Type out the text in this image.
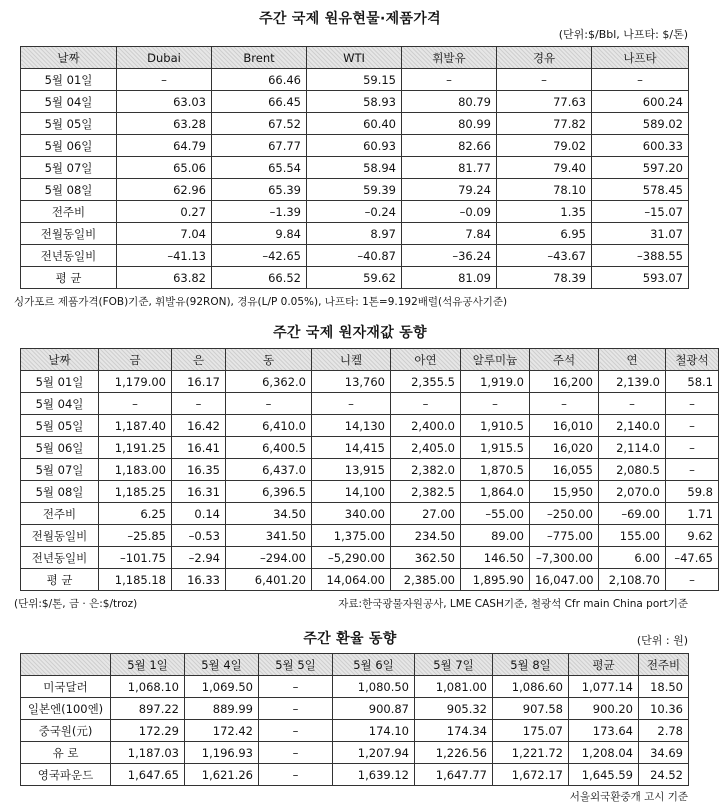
주간 국제 원유현물·제품가격
(단위:$/Bbl, 나프타: $/톤)
날짜	Dubai	Brent	WTI	휘발유	경유	나프타
5월 01일	–	66.46	59.15	–	–	–
5월 04일	63.03	66.45	58.93	80.79	77.63	600.24
5월 05일	63.28	67.52	60.40	80.99	77.82	589.02
5월 06일	64.79	67.77	60.93	82.66	79.02	600.33
5월 07일	65.06	65.54	58.94	81.77	79.40	597.20
5월 08일	62.96	65.39	59.39	79.24	78.10	578.45
전주비	0.27	–1.39	–0.24	–0.09	1.35	–15.07
전월동일비	7.04	9.84	8.97	7.84	6.95	31.07
전년동일비	–41.13	–42.65	–40.87	–36.24	–43.67	–388.55
평 균	63.82	66.52	59.62	81.09	78.39	593.07
싱가포르 제품가격(FOB)기준, 휘발유(92RON), 경유(L/P 0.05%), 나프타: 1톤=9.192배럴(석유공사기준)
주간 국제 원자재값 동향
날짜	금	은	동	니켈	아연	알루미늄	주석	연	철광석
5월 01일	1,179.00	16.17	6,362.0	13,760	2,355.5	1,919.0	16,200	2,139.0	58.1
5월 04일	–	–	–	–	–	–	–	–	–
5월 05일	1,187.40	16.42	6,410.0	14,130	2,400.0	1,910.5	16,010	2,140.0	–
5월 06일	1,191.25	16.41	6,400.5	14,415	2,405.0	1,915.5	16,020	2,114.0	–
5월 07일	1,183.00	16.35	6,437.0	13,915	2,382.0	1,870.5	16,055	2,080.5	–
5월 08일	1,185.25	16.31	6,396.5	14,100	2,382.5	1,864.0	15,950	2,070.0	59.8
전주비	6.25	0.14	34.50	340.00	27.00	–55.00	–250.00	–69.00	1.71
전월동일비	–25.85	–0.53	341.50	1,375.00	234.50	89.00	–775.00	155.00	9.62
전년동일비	–101.75	–2.94	–294.00	–5,290.00	362.50	146.50	–7,300.00	6.00	–47.65
평 균	1,185.18	16.33	6,401.20	14,064.00	2,385.00	1,895.90	16,047.00	2,108.70	–
(단위:$/톤, 금 · 은:$/troz)	자료:한국광물자원공사, LME CASH기준, 철광석 Cfr main China port기준
주간 환율 동향	(단위 : 원)
	5월 1일	5월 4일	5월 5일	5월 6일	5월 7일	5월 8일	평균	전주비
미국달러	1,068.10	1,069.50	–	1,080.50	1,081.00	1,086.60	1,077.14	18.50
일본엔(100엔)	897.22	889.99	–	900.87	905.32	907.58	900.20	10.36
중국원(元)	172.29	172.42	–	174.10	174.34	175.07	173.64	2.78
유 로	1,187.03	1,196.93	–	1,207.94	1,226.56	1,221.72	1,208.04	34.69
영국파운드	1,647.65	1,621.26	–	1,639.12	1,647.77	1,672.17	1,645.59	24.52
서울외국환중개 고시 기준
